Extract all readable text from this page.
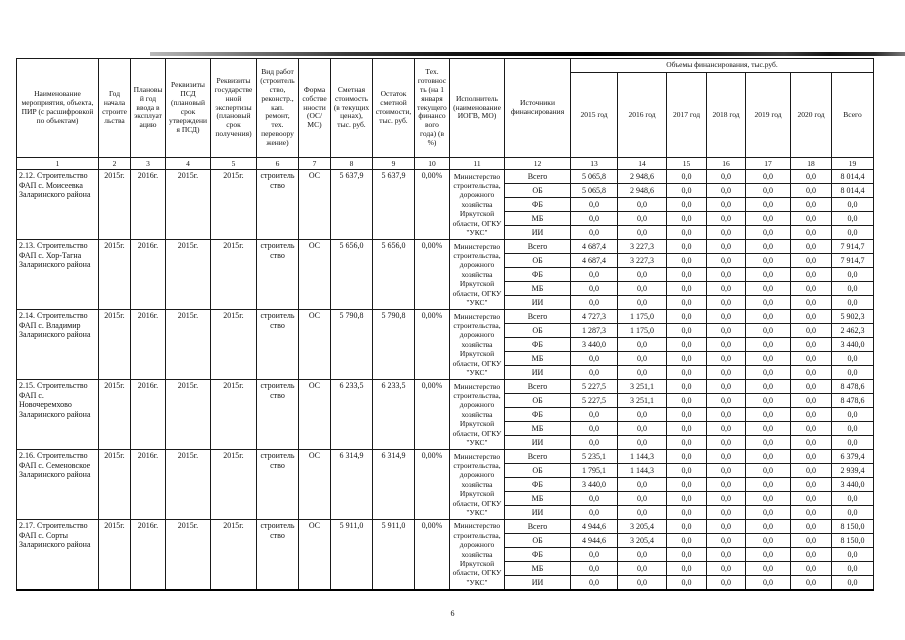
Наименование мероприятия, объекта, ПИР (с расшифровкой по объектам)	Год начала строительства	Плановый год ввода в эксплуатацию	Реквизиты ПСД (плановый срок утверждения ПСД)	Реквизиты государственной экспертизы (плановый срок получения)	Вид работ (строительство, реконстр., кап. ремонт, тех. перевооружение)	Форма собственности (ОС/МС)	Сметная стоимость (в текущих ценах), тыс. руб.	Остаток сметной стоимости, тыс. руб.	Тех. готовность (на 1 января текущего финансового года) (в %)	Исполнитель (наименование ИОГВ, МО)	Источники финансирования	Объемы финансирования, тыс.руб.						
												2015 год	2016 год	2017 год	2018 год	2019 год	2020 год	Всего
1	2	3	4	5	6	7	8	9	10	11	12	13	14	15	16	17	18	19
2.12. Строительство ФАП с. Моисеевка Заларинского района	2015г.	2016г.	2015г.	2015г.	строительство	ОС	5 637,9	5 637,9	0,00%	Министерство строительства, дорожного хозяйства Иркутской области, ОГКУ "УКС"	Всего	5 065,8	2 948,6	0,0	0,0	0,0	0,0	8 014,4
											ОБ	5 065,8	2 948,6	0,0	0,0	0,0	0,0	8 014,4
											ФБ	0,0	0,0	0,0	0,0	0,0	0,0	0,0
											МБ	0,0	0,0	0,0	0,0	0,0	0,0	0,0
											ИИ	0,0	0,0	0,0	0,0	0,0	0,0	0,0
2.13. Строительство ФАП с. Хор-Тагна Заларинского района	2015г.	2016г.	2015г.	2015г.	строительство	ОС	5 656,0	5 656,0	0,00%	Министерство строительства, дорожного хозяйства Иркутской области, ОГКУ "УКС"	Всего	4 687,4	3 227,3	0,0	0,0	0,0	0,0	7 914,7
											ОБ	4 687,4	3 227,3	0,0	0,0	0,0	0,0	7 914,7
											ФБ	0,0	0,0	0,0	0,0	0,0	0,0	0,0
											МБ	0,0	0,0	0,0	0,0	0,0	0,0	0,0
											ИИ	0,0	0,0	0,0	0,0	0,0	0,0	0,0
2.14. Строительство ФАП с. Владимир Заларинского района	2015г.	2016г.	2015г.	2015г.	строительство	ОС	5 790,8	5 790,8	0,00%	Министерство строительства, дорожного хозяйства Иркутской области, ОГКУ "УКС"	Всего	4 727,3	1 175,0	0,0	0,0	0,0	0,0	5 902,3
											ОБ	1 287,3	1 175,0	0,0	0,0	0,0	0,0	2 462,3
											ФБ	3 440,0	0,0	0,0	0,0	0,0	0,0	3 440,0
											МБ	0,0	0,0	0,0	0,0	0,0	0,0	0,0
											ИИ	0,0	0,0	0,0	0,0	0,0	0,0	0,0
2.15. Строительство ФАП с. Новочеремхово Заларинского района	2015г.	2016г.	2015г.	2015г.	строительство	ОС	6 233,5	6 233,5	0,00%	Министерство строительства, дорожного хозяйства Иркутской области, ОГКУ "УКС"	Всего	5 227,5	3 251,1	0,0	0,0	0,0	0,0	8 478,6
											ОБ	5 227,5	3 251,1	0,0	0,0	0,0	0,0	8 478,6
											ФБ	0,0	0,0	0,0	0,0	0,0	0,0	0,0
											МБ	0,0	0,0	0,0	0,0	0,0	0,0	0,0
											ИИ	0,0	0,0	0,0	0,0	0,0	0,0	0,0
2.16. Строительство ФАП с. Семеновское Заларинского района	2015г.	2016г.	2015г.	2015г.	строительство	ОС	6 314,9	6 314,9	0,00%	Министерство строительства, дорожного хозяйства Иркутской области, ОГКУ "УКС"	Всего	5 235,1	1 144,3	0,0	0,0	0,0	0,0	6 379,4
											ОБ	1 795,1	1 144,3	0,0	0,0	0,0	0,0	2 939,4
											ФБ	3 440,0	0,0	0,0	0,0	0,0	0,0	3 440,0
											МБ	0,0	0,0	0,0	0,0	0,0	0,0	0,0
											ИИ	0,0	0,0	0,0	0,0	0,0	0,0	0,0
2.17. Строительство ФАП с. Сорты Заларинского района	2015г.	2016г.	2015г.	2015г.	строительство	ОС	5 911,0	5 911,0	0,00%	Министерство строительства, дорожного хозяйства Иркутской области, ОГКУ "УКС"	Всего	4 944,6	3 205,4	0,0	0,0	0,0	0,0	8 150,0
											ОБ	4 944,6	3 205,4	0,0	0,0	0,0	0,0	8 150,0
											ФБ	0,0	0,0	0,0	0,0	0,0	0,0	0,0
											МБ	0,0	0,0	0,0	0,0	0,0	0,0	0,0
											ИИ	0,0	0,0	0,0	0,0	0,0	0,0	0,0
6
